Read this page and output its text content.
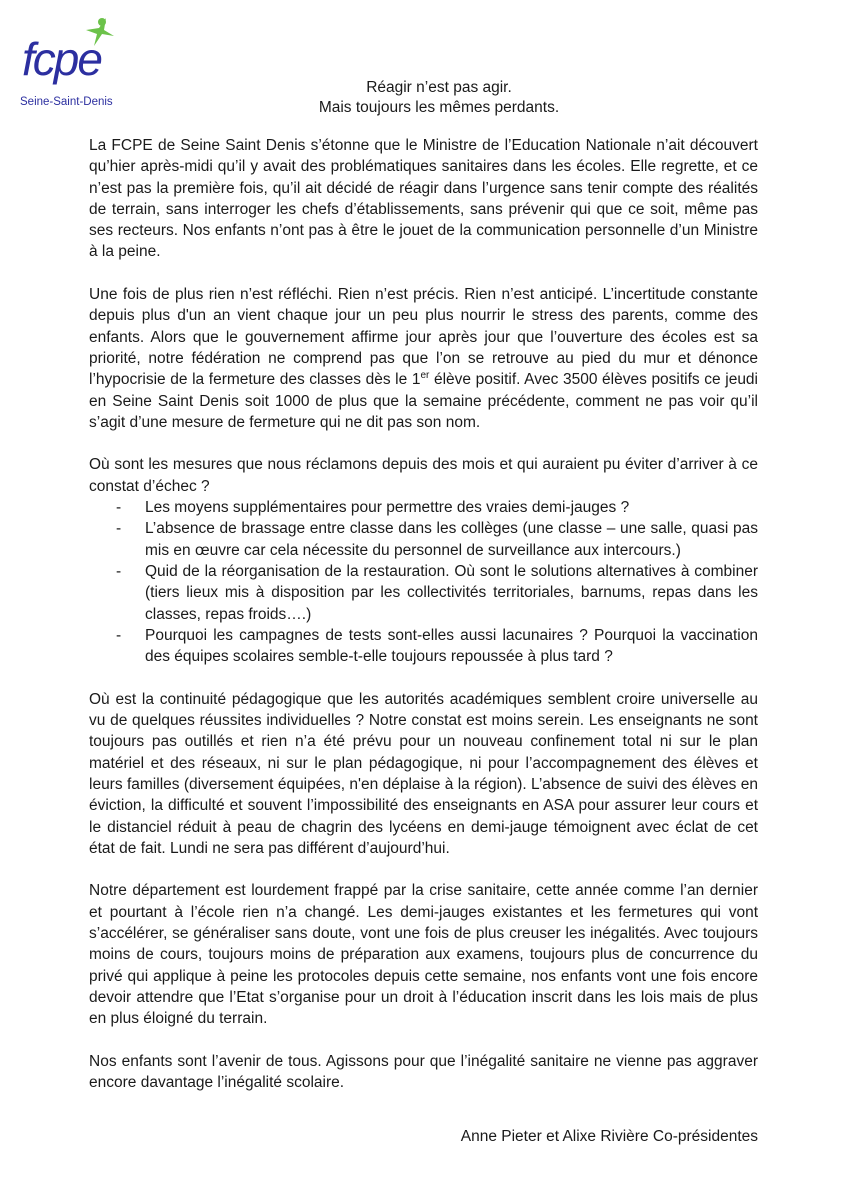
fcpe
Seine-Saint-Denis
Réagir n’est pas agir.
Mais toujours les mêmes perdants.

La FCPE de Seine Saint Denis s’étonne que le Ministre de l’Education Nationale n’ait découvert qu’hier après-midi qu’il y avait des problématiques sanitaires dans les écoles. Elle regrette, et ce n’est pas la première fois, qu’il ait décidé de réagir dans l’urgence sans tenir compte des réalités de terrain, sans interroger les chefs d’établissements, sans prévenir qui que ce soit, même pas ses recteurs. Nos enfants n’ont pas à être le jouet de la communication personnelle d’un Ministre à la peine.

Une fois de plus rien n’est réfléchi. Rien n’est précis. Rien n’est anticipé. L’incertitude constante depuis plus d'un an vient chaque jour un peu plus nourrir le stress des parents, comme des enfants. Alors que le gouvernement affirme jour après jour que l’ouverture des écoles est sa priorité, notre fédération ne comprend pas que l’on se retrouve au pied du mur et dénonce l’hypocrisie de la fermeture des classes dès le 1er élève positif. Avec 3500 élèves positifs ce jeudi en Seine Saint Denis soit 1000 de plus que la semaine précédente, comment ne pas voir qu’il s’agit d’une mesure de fermeture qui ne dit pas son nom.

Où sont les mesures que nous réclamons depuis des mois et qui auraient pu éviter d’arriver à ce constat d’échec ?

- Les moyens supplémentaires pour permettre des vraies demi-jauges ?
- L’absence de brassage entre classe dans les collèges (une classe – une salle, quasi pas mis en œuvre car cela nécessite du personnel de surveillance aux intercours.)
- Quid de la réorganisation de la restauration. Où sont le solutions alternatives à combiner (tiers lieux mis à disposition par les collectivités territoriales, barnums, repas dans les classes, repas froids….)
- Pourquoi les campagnes de tests sont-elles aussi lacunaires ? Pourquoi la vaccination des équipes scolaires semble-t-elle toujours repoussée à plus tard ?

Où est la continuité pédagogique que les autorités académiques semblent croire universelle au vu de quelques réussites individuelles ? Notre constat est moins serein. Les enseignants ne sont toujours pas outillés et rien n’a été prévu pour un nouveau confinement total ni sur le plan matériel et des réseaux, ni sur le plan pédagogique, ni pour l’accompagnement des élèves et leurs familles (diversement équipées, n'en déplaise à la région). L’absence de suivi des élèves en éviction, la difficulté et souvent l’impossibilité des enseignants en ASA pour assurer leur cours et le distanciel réduit à peau de chagrin des lycéens en demi-jauge témoignent avec éclat de cet état de fait. Lundi ne sera pas différent d’aujourd’hui.

Notre département est lourdement frappé par la crise sanitaire, cette année comme l’an dernier et pourtant à l’école rien n’a changé. Les demi-jauges existantes et les fermetures qui vont s’accélérer, se généraliser sans doute, vont une fois de plus creuser les inégalités. Avec toujours moins de cours, toujours moins de préparation aux examens, toujours plus de concurrence du privé qui applique à peine les protocoles depuis cette semaine, nos enfants vont une fois encore devoir attendre que l’Etat s’organise pour un droit à l’éducation inscrit dans les lois mais de plus en plus éloigné du terrain.

Nos enfants sont l’avenir de tous. Agissons pour que l’inégalité sanitaire ne vienne pas aggraver encore davantage l’inégalité scolaire.

Anne Pieter et Alixe Rivière Co-présidentes
